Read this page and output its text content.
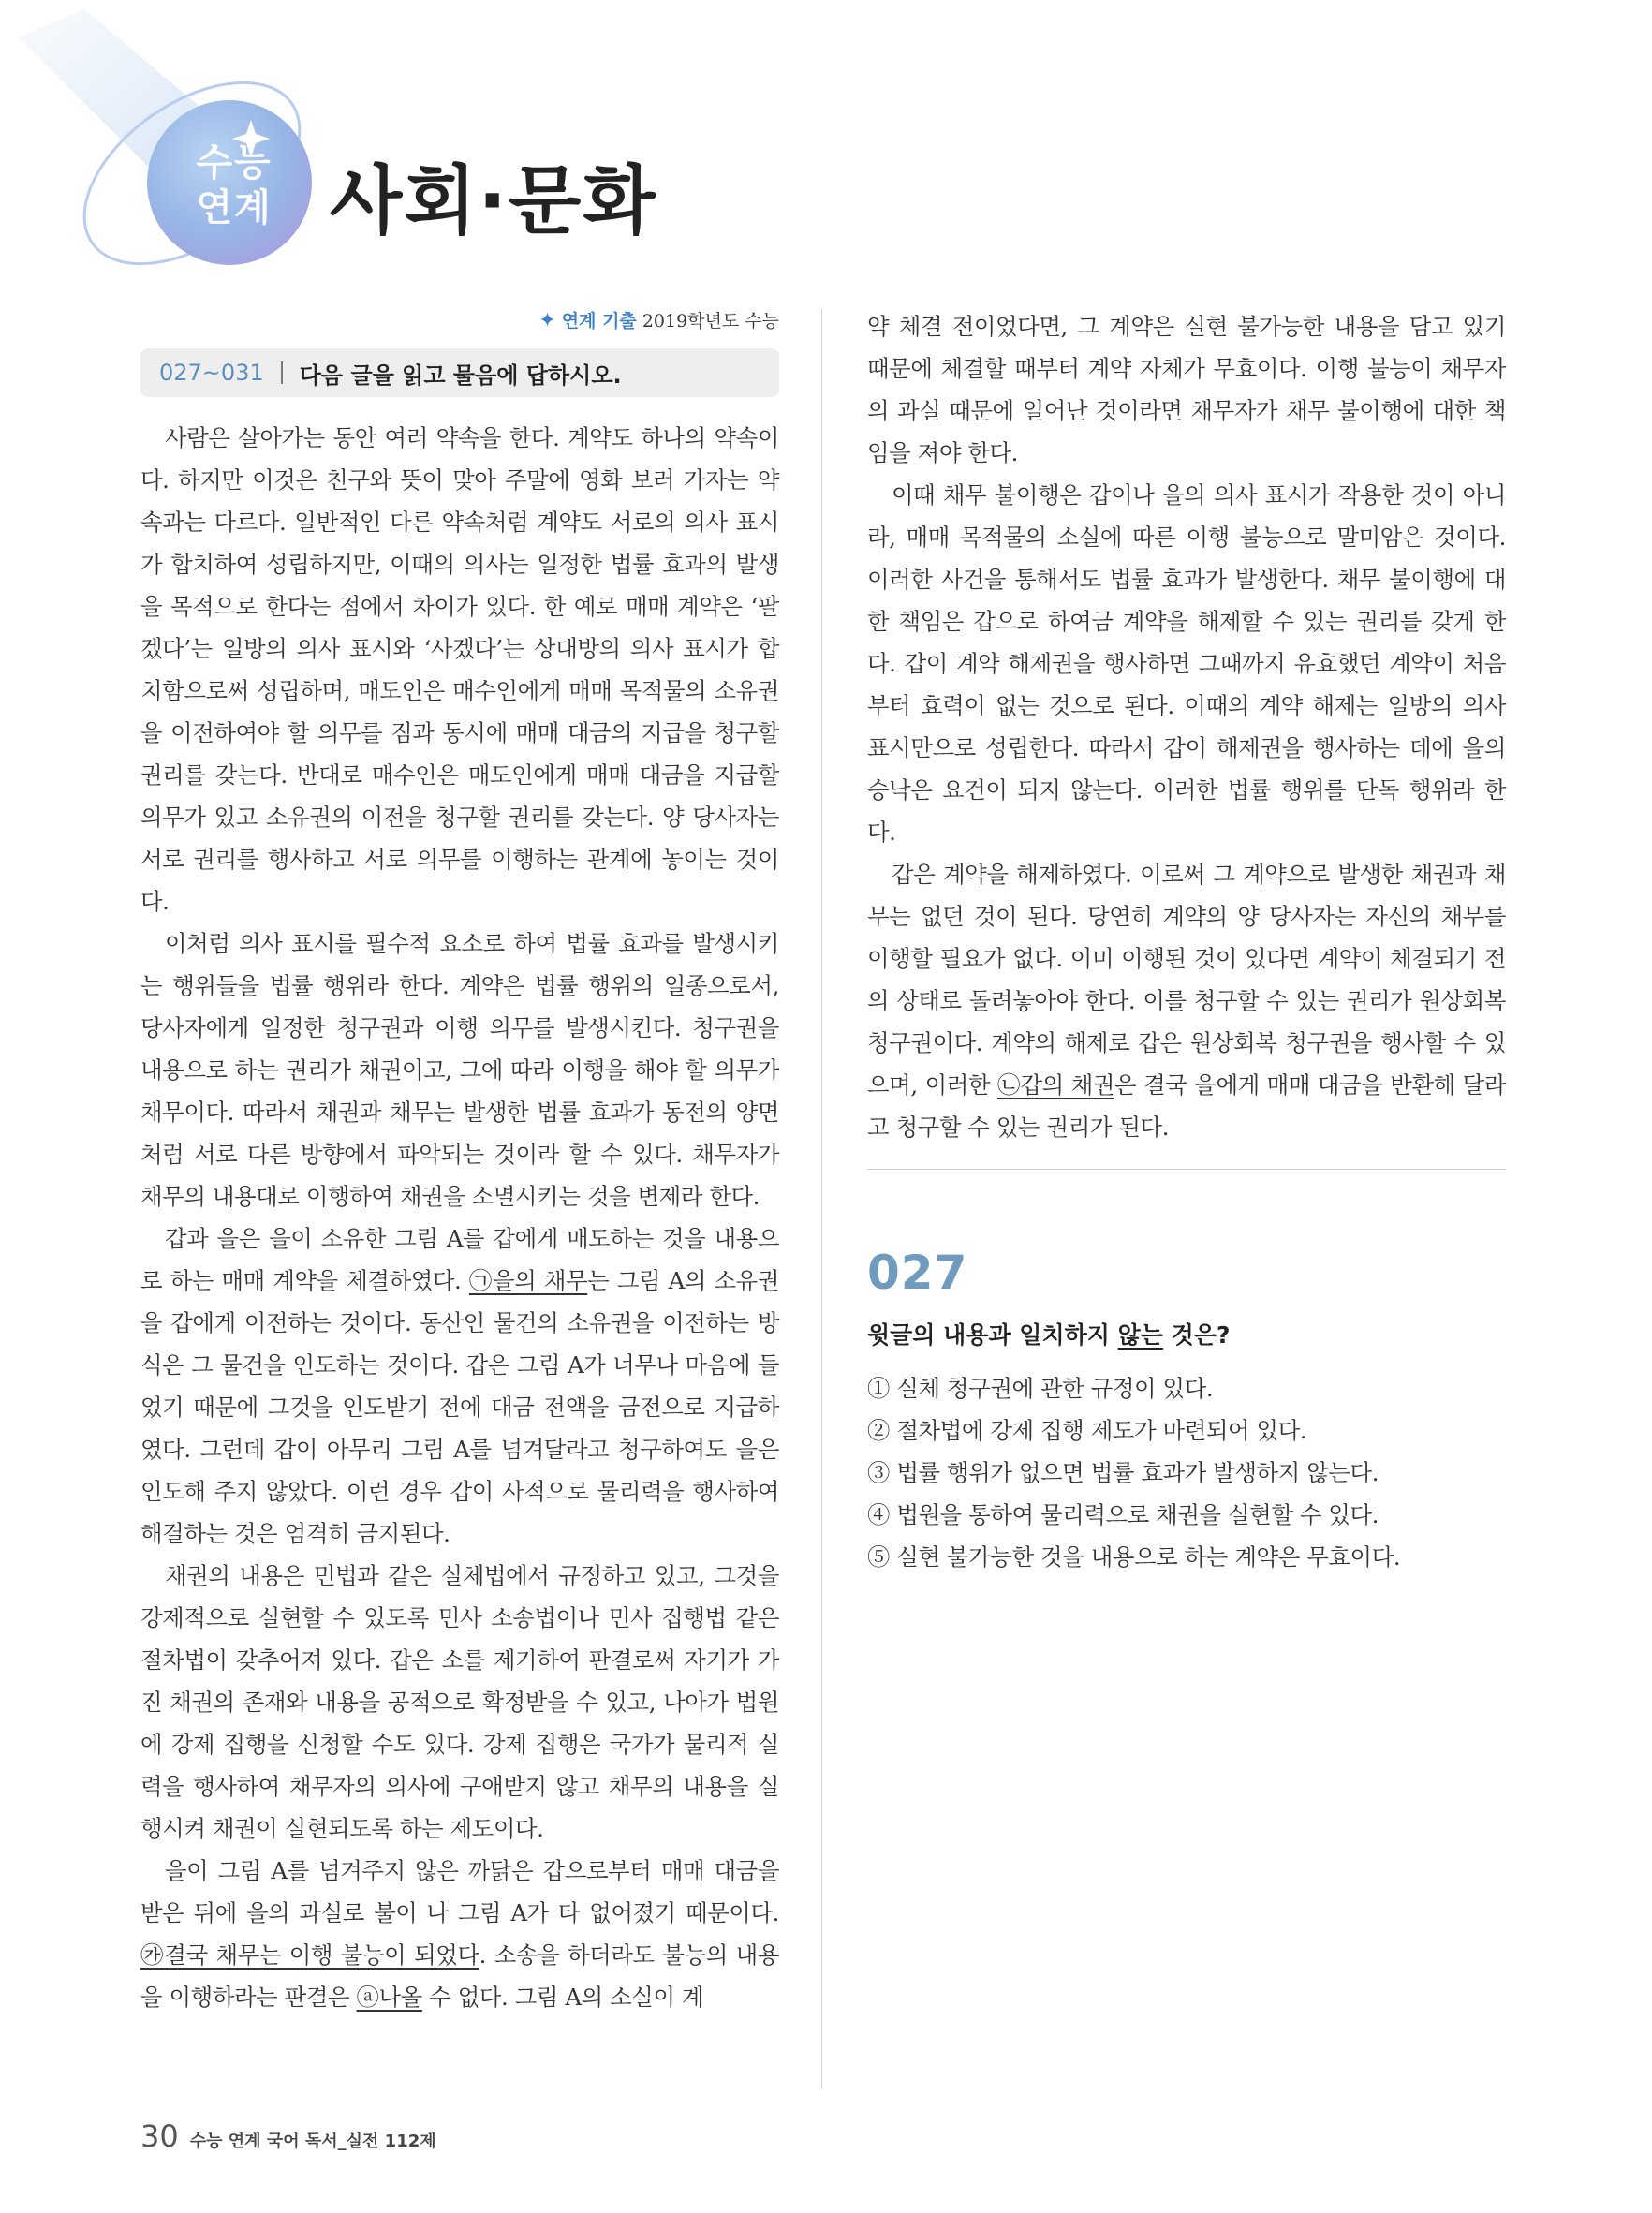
수능
연계 사회·문화
✦ 연계 기출 2019학년도 수능
027~031 다음 글을 읽고 물음에 답하시오.

사람은 살아가는 동안 여러 약속을 한다. 계약도 하나의 약속이다. 하지만 이것은 친구와 뜻이 맞아 주말에 영화 보러 가자는 약속과는 다르다. 일반적인 다른 약속처럼 계약도 서로의 의사 표시가 합치하여 성립하지만, 이때의 의사는 일정한 법률 효과의 발생을 목적으로 한다는 점에서 차이가 있다. 한 예로 매매 계약은 ‘팔겠다’는 일방의 의사 표시와 ‘사겠다’는 상대방의 의사 표시가 합치함으로써 성립하며, 매도인은 매수인에게 매매 목적물의 소유권을 이전하여야 할 의무를 짐과 동시에 매매 대금의 지급을 청구할 권리를 갖는다. 반대로 매수인은 매도인에게 매매 대금을 지급할 의무가 있고 소유권의 이전을 청구할 권리를 갖는다. 양 당사자는 서로 권리를 행사하고 서로 의무를 이행하는 관계에 놓이는 것이다.

이처럼 의사 표시를 필수적 요소로 하여 법률 효과를 발생시키는 행위들을 법률 행위라 한다. 계약은 법률 행위의 일종으로서, 당사자에게 일정한 청구권과 이행 의무를 발생시킨다. 청구권을 내용으로 하는 권리가 채권이고, 그에 따라 이행을 해야 할 의무가 채무이다. 따라서 채권과 채무는 발생한 법률 효과가 동전의 양면처럼 서로 다른 방향에서 파악되는 것이라 할 수 있다. 채무자가 채무의 내용대로 이행하여 채권을 소멸시키는 것을 변제라 한다.

갑과 을은 을이 소유한 그림 A를 갑에게 매도하는 것을 내용으로 하는 매매 계약을 체결하였다. ㉠을의 채무는 그림 A의 소유권을 갑에게 이전하는 것이다. 동산인 물건의 소유권을 이전하는 방식은 그 물건을 인도하는 것이다. 갑은 그림 A가 너무나 마음에 들었기 때문에 그것을 인도받기 전에 대금 전액을 금전으로 지급하였다. 그런데 갑이 아무리 그림 A를 넘겨달라고 청구하여도 을은 인도해 주지 않았다. 이런 경우 갑이 사적으로 물리력을 행사하여 해결하는 것은 엄격히 금지된다.

채권의 내용은 민법과 같은 실체법에서 규정하고 있고, 그것을 강제적으로 실현할 수 있도록 민사 소송법이나 민사 집행법 같은 절차법이 갖추어져 있다. 갑은 소를 제기하여 판결로써 자기가 가진 채권의 존재와 내용을 공적으로 확정받을 수 있고, 나아가 법원에 강제 집행을 신청할 수도 있다. 강제 집행은 국가가 물리적 실력을 행사하여 채무자의 의사에 구애받지 않고 채무의 내용을 실행시켜 채권이 실현되도록 하는 제도이다.

을이 그림 A를 넘겨주지 않은 까닭은 갑으로부터 매매 대금을 받은 뒤에 을의 과실로 불이 나 그림 A가 타 없어졌기 때문이다. ㉮결국 채무는 이행 불능이 되었다. 소송을 하더라도 불능의 내용을 이행하라는 판결은 ⓐ나올 수 없다. 그림 A의 소실이 계

약 체결 전이었다면, 그 계약은 실현 불가능한 내용을 담고 있기 때문에 체결할 때부터 계약 자체가 무효이다. 이행 불능이 채무자의 과실 때문에 일어난 것이라면 채무자가 채무 불이행에 대한 책임을 져야 한다.

이때 채무 불이행은 갑이나 을의 의사 표시가 작용한 것이 아니라, 매매 목적물의 소실에 따른 이행 불능으로 말미암은 것이다. 이러한 사건을 통해서도 법률 효과가 발생한다. 채무 불이행에 대한 책임은 갑으로 하여금 계약을 해제할 수 있는 권리를 갖게 한다. 갑이 계약 해제권을 행사하면 그때까지 유효했던 계약이 처음부터 효력이 없는 것으로 된다. 이때의 계약 해제는 일방의 의사 표시만으로 성립한다. 따라서 갑이 해제권을 행사하는 데에 을의 승낙은 요건이 되지 않는다. 이러한 법률 행위를 단독 행위라 한다.

갑은 계약을 해제하였다. 이로써 그 계약으로 발생한 채권과 채무는 없던 것이 된다. 당연히 계약의 양 당사자는 자신의 채무를 이행할 필요가 없다. 이미 이행된 것이 있다면 계약이 체결되기 전의 상태로 돌려놓아야 한다. 이를 청구할 수 있는 권리가 원상회복 청구권이다. 계약의 해제로 갑은 원상회복 청구권을 행사할 수 있으며, 이러한 ㉡갑의 채권은 결국 을에게 매매 대금을 반환해 달라고 청구할 수 있는 권리가 된다.

027

윗글의 내용과 일치하지 않는 것은?

① 실체 청구권에 관한 규정이 있다.
② 절차법에 강제 집행 제도가 마련되어 있다.
③ 법률 행위가 없으면 법률 효과가 발생하지 않는다.
④ 법원을 통하여 물리력으로 채권을 실현할 수 있다.
⑤ 실현 불가능한 것을 내용으로 하는 계약은 무효이다.
30 수능 연계 국어 독서_실전 112제
